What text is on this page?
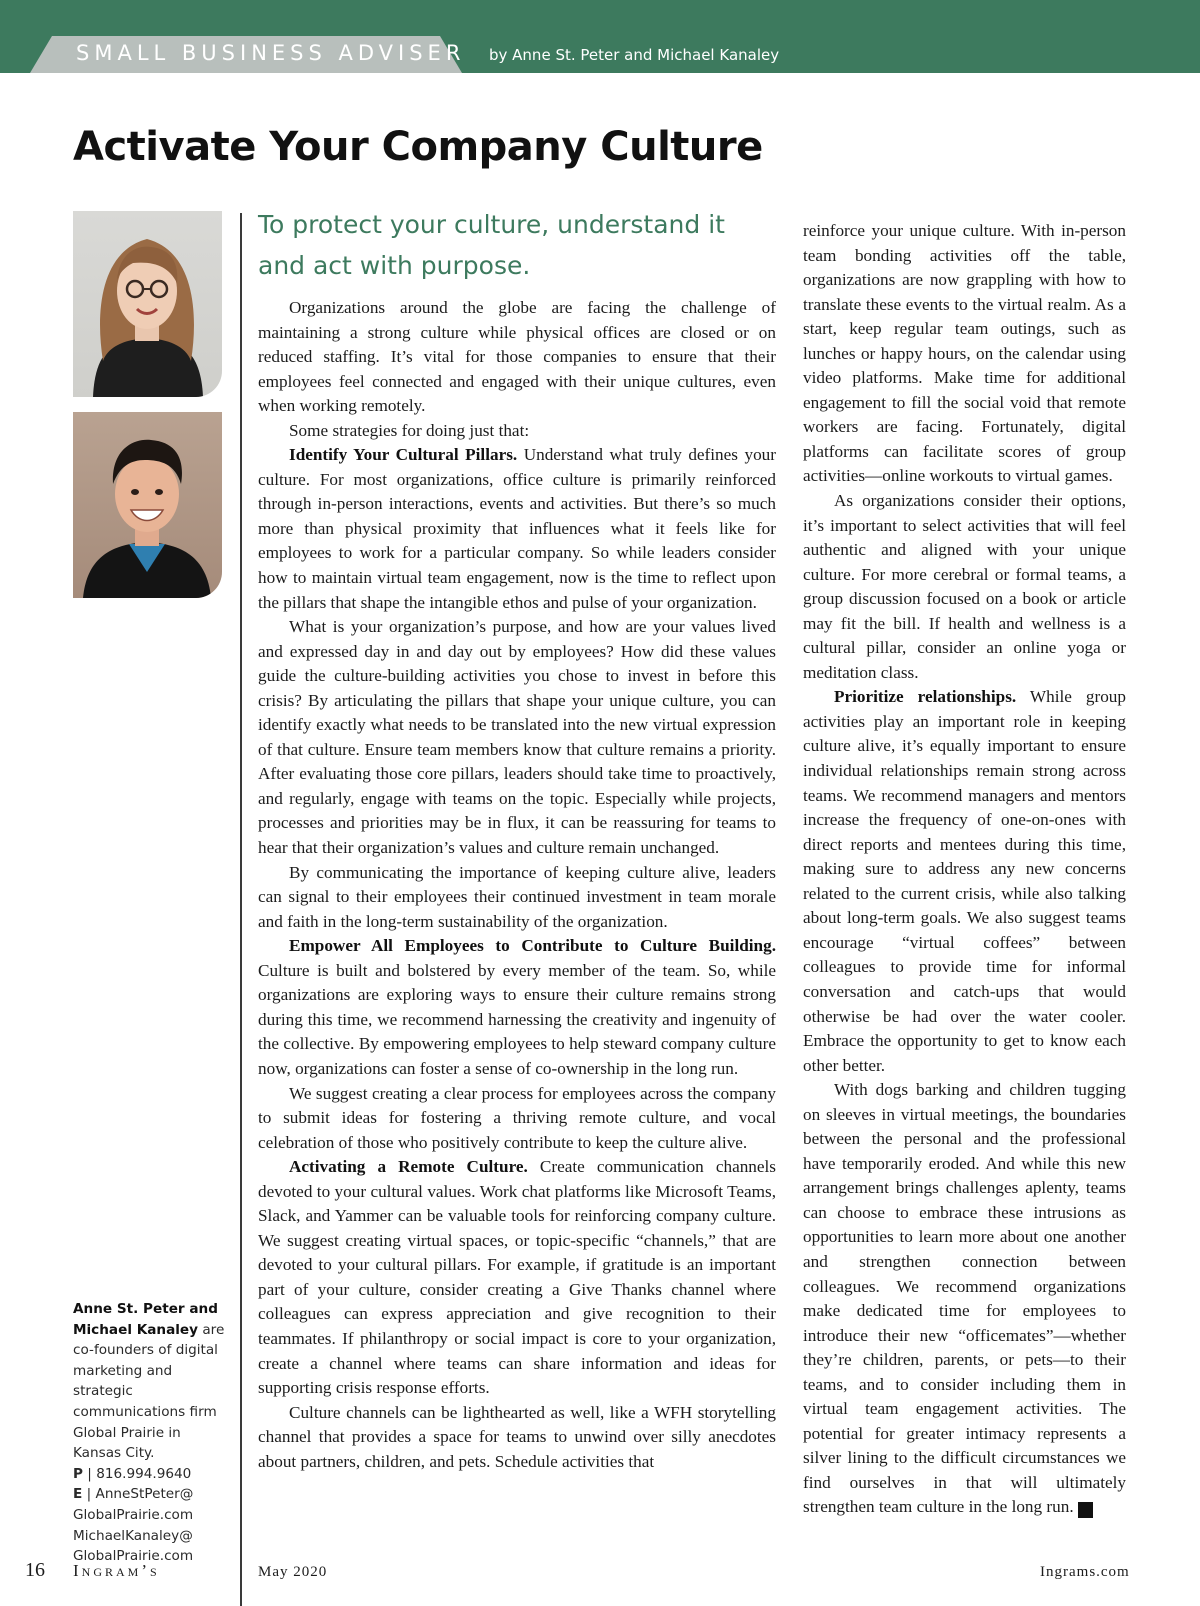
SMALL BUSINESS ADVISER by Anne St. Peter and Michael Kanaley
Activate Your Company Culture
To protect your culture, understand it and act with purpose.

Organizations around the globe are facing the challenge of maintaining a strong culture while physical offices are closed or on reduced staffing. It’s vital for those companies to ensure that their employees feel connected and engaged with their unique cultures, even when working remotely.

Some strategies for doing just that:

Identify Your Cultural Pillars. Understand what truly defines your culture. For most organizations, office culture is primarily reinforced through in-person interactions, events and activities. But there’s so much more than physical proximity that influences what it feels like for employees to work for a particular company. So while leaders consider how to maintain virtual team engagement, now is the time to reflect upon the pillars that shape the intangible ethos and pulse of your organization.

What is your organization’s purpose, and how are your values lived and expressed day in and day out by employees? How did these values guide the culture-building activities you chose to invest in before this crisis? By articulating the pillars that shape your unique culture, you can identify exactly what needs to be translated into the new virtual expression of that culture. Ensure team members know that culture remains a priority. After evaluating those core pillars, leaders should take time to proactively, and regularly, engage with teams on the topic. Especially while projects, processes and priorities may be in flux, it can be reassuring for teams to hear that their organization’s values and culture remain unchanged.

By communicating the importance of keeping culture alive, leaders can signal to their employees their continued investment in team morale and faith in the long-term sustainability of the organization.

Empower All Employees to Contribute to Culture Building. Culture is built and bolstered by every member of the team. So, while organizations are exploring ways to ensure their culture remains strong during this time, we recommend harnessing the creativity and ingenuity of the collective. By empowering employees to help steward company culture now, organizations can foster a sense of co-ownership in the long run.

We suggest creating a clear process for employees across the company to submit ideas for fostering a thriving remote culture, and vocal celebration of those who positively contribute to keep the culture alive.

Activating a Remote Culture. Create communication channels devoted to your cultural values. Work chat platforms like Microsoft Teams, Slack, and Yammer can be valuable tools for reinforcing company culture. We suggest creating virtual spaces, or topic-specific “channels,” that are devoted to your cultural pillars. For example, if gratitude is an important part of your culture, consider creating a Give Thanks channel where colleagues can express appreciation and give recognition to their teammates. If philanthropy or social impact is core to your organization, create a channel where teams can share information and ideas for supporting crisis response efforts.

Culture channels can be lighthearted as well, like a WFH storytelling channel that provides a space for teams to unwind over silly anecdotes about partners, children, and pets. Schedule activities that

reinforce your unique culture. With in-person team bonding activities off the table, organizations are now grappling with how to translate these events to the virtual realm. As a start, keep regular team outings, such as lunches or happy hours, on the calendar using video platforms. Make time for additional engagement to fill the social void that remote workers are facing. Fortunately, digital platforms can facilitate scores of group activities—online workouts to virtual games.

As organizations consider their options, it’s important to select activities that will feel authentic and aligned with your unique culture. For more cerebral or formal teams, a group discussion focused on a book or article may fit the bill. If health and wellness is a cultural pillar, consider an online yoga or meditation class.

Prioritize relationships. While group activities play an important role in keeping culture alive, it’s equally important to ensure individual relationships remain strong across teams. We recommend managers and mentors increase the frequency of one-on-ones with direct reports and mentees during this time, making sure to address any new concerns related to the current crisis, while also talking about long-term goals. We also suggest teams encourage “virtual coffees” between colleagues to provide time for informal conversation and catch-ups that would otherwise be had over the water cooler. Embrace the opportunity to get to know each other better.

With dogs barking and children tugging on sleeves in virtual meetings, the boundaries between the personal and the professional have temporarily eroded. And while this new arrangement brings challenges aplenty, teams can choose to embrace these intrusions as opportunities to learn more about one another and strengthen connection between colleagues. We recommend organizations make dedicated time for employees to introduce their new “officemates”—whether they’re children, parents, or pets—to their teams, and to consider including them in virtual team engagement activities. The potential for greater intimacy represents a silver lining to the difficult circumstances we find ourselves in that will ultimately strengthen team culture in the long run.	I

Anne St. Peter and Michael Kanaley are co-founders of digital marketing and strategic communications firm Global Prairie in Kansas City.

P | 816.994.9640

E | AnneStPeter@ GlobalPrairie.com

MichaelKanaley@ GlobalPrairie.com

16 Ingram’s	May 2020	Ingrams.com
